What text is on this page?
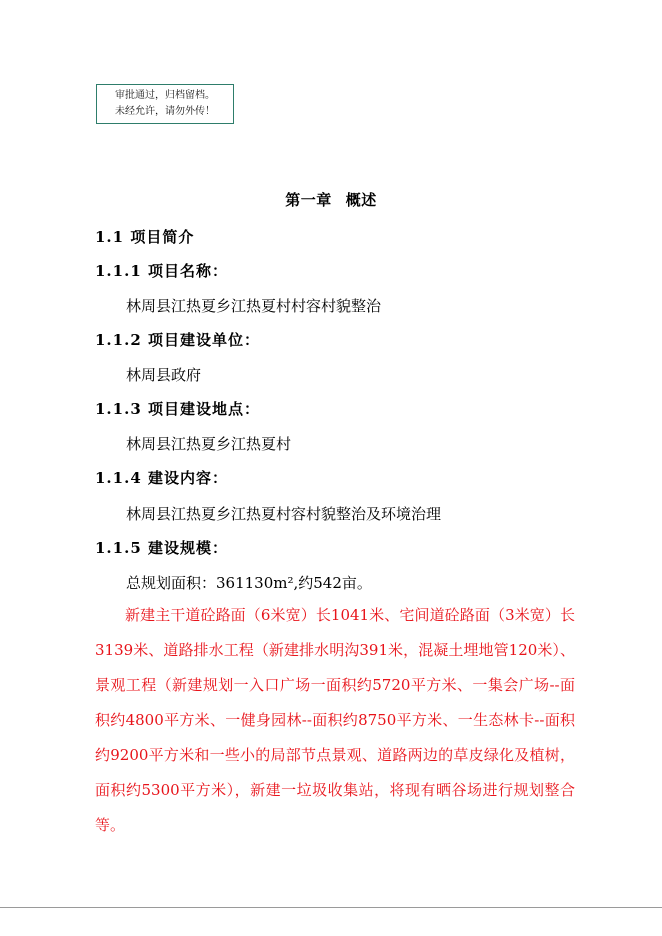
审批通过，归档留档。
未经允许，请勿外传！
第一章 概述
1.1 项目简介
1.1.1 项目名称：
林周县江热夏乡江热夏村村容村貌整治
1.1.2 项目建设单位：
林周县政府
1.1.3 项目建设地点：
林周县江热夏乡江热夏村
1.1.4 建设内容：
林周县江热夏乡江热夏村容村貌整治及环境治理
1.1.5 建设规模：
总规划面积：361130m²,约542亩。
新建主干道砼路面（6米宽）长1041米、宅间道砼路面（3米宽）长3139米、道路排水工程（新建排水明沟391米，混凝土埋地管120米）、景观工程（新建规划一入口广场一面积约5720平方米、一集会广场--面积约4800平方米、一健身园林--面积约8750平方米、一生态林卡--面积约9200平方米和一些小的局部节点景观、道路两边的草皮绿化及植树，面积约5300平方米），新建一垃圾收集站，将现有晒谷场进行规划整合等。
